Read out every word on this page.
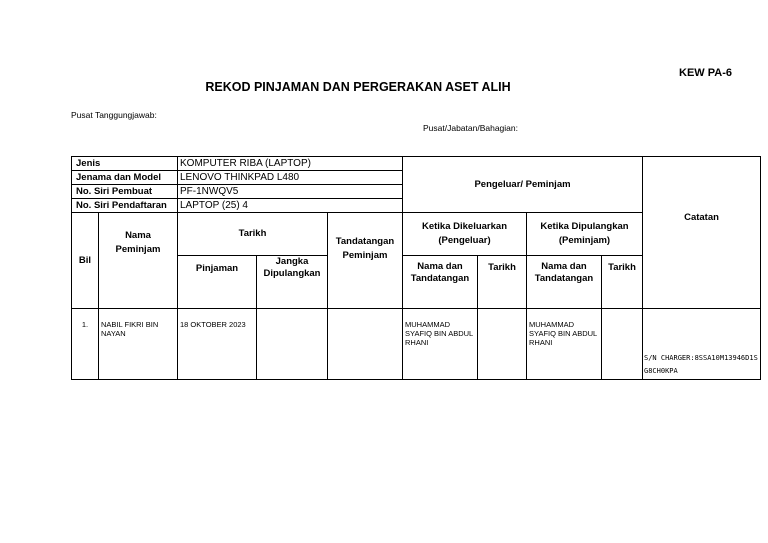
KEW PA-6
REKOD PINJAMAN DAN PERGERAKAN ASET ALIH
Pusat Tanggungjawab:
Pusat/Jabatan/Bahagian:
Jenis		KOMPUTER RIBA (LAPTOP)			Pengeluar/ Peminjam				Catatan
Jenama dan Model		LENOVO THINKPAD L480							
No. Siri Pembuat		PF-1NWQV5							
No. Siri Pendaftaran		LAPTOP (25) 4							
Bil	Nama Peminjam	Tarikh		Tandatangan Peminjam	Ketika Dikeluarkan (Pengeluar)		Ketika Dipulangkan (Peminjam)		
		Pinjaman	Jangka Dipulangkan		Nama dan Tandatangan	Tarikh	Nama dan Tandatangan	Tarikh	
1.	NABIL FIKRI BIN NAYAN	18 OKTOBER 2023			MUHAMMAD SYAFIQ BIN ABDUL RHANI		MUHAMMAD SYAFIQ BIN ABDUL RHANI		S/N CHARGER:8SSA10M13946D1SG8CH0KPA
